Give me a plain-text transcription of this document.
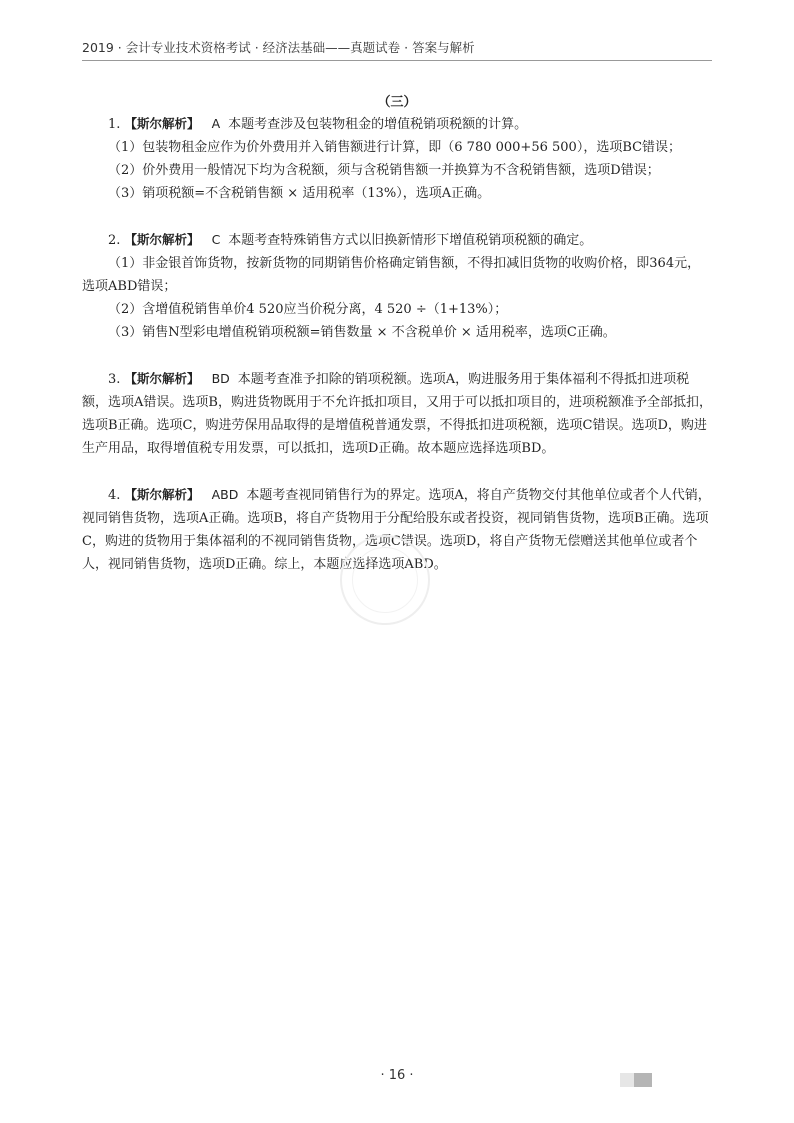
2019 · 会计专业技术资格考试 · 经济法基础——真题试卷 · 答案与解析
（三）

1. 【斯尔解析】 A 本题考查涉及包装物租金的增值税销项税额的计算。

（1）包装物租金应作为价外费用并入销售额进行计算，即（6 780 000+56 500），选项BC错误；

（2）价外费用一般情况下均为含税额，须与含税销售额一并换算为不含税销售额，选项D错误；

（3）销项税额=不含税销售额 × 适用税率（13%），选项A正确。

2. 【斯尔解析】 C 本题考查特殊销售方式以旧换新情形下增值税销项税额的确定。

（1）非金银首饰货物，按新货物的同期销售价格确定销售额，不得扣减旧货物的收购价格，即364元，选项ABD错误；

（2）含增值税销售单价4 520应当价税分离，4 520 ÷（1+13%）；

（3）销售N型彩电增值税销项税额=销售数量 × 不含税单价 × 适用税率，选项C正确。

3. 【斯尔解析】 BD 本题考查准予扣除的销项税额。选项A，购进服务用于集体福利不得抵扣进项税额，选项A错误。选项B，购进货物既用于不允许抵扣项目，又用于可以抵扣项目的，进项税额准予全部抵扣，选项B正确。选项C，购进劳保用品取得的是增值税普通发票，不得抵扣进项税额，选项C错误。选项D，购进生产用品，取得增值税专用发票，可以抵扣，选项D正确。故本题应选择选项BD。

4. 【斯尔解析】 ABD 本题考查视同销售行为的界定。选项A，将自产货物交付其他单位或者个人代销，视同销售货物，选项A正确。选项B，将自产货物用于分配给股东或者投资，视同销售货物，选项B正确。选项C，购进的货物用于集体福利的不视同销售货物，选项C错误。选项D，将自产货物无偿赠送其他单位或者个人，视同销售货物，选项D正确。综上，本题应选择选项ABD。

· 16 ·
